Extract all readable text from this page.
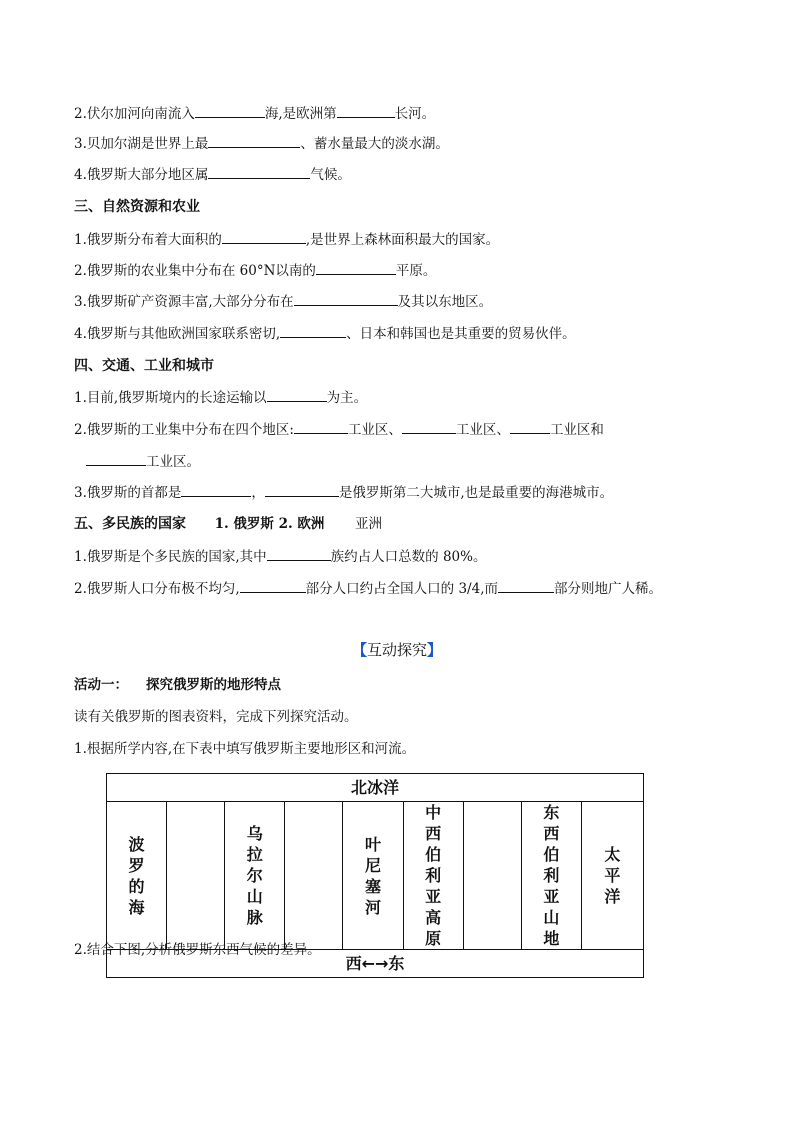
2.伏尔加河向南流入	海,是欧洲第	长河。
3.贝加尔湖是世界上最	、蓄水量最大的淡水湖。
4.俄罗斯大部分地区属	气候。
三、自然资源和农业
1.俄罗斯分布着大面积的	,是世界上森林面积最大的国家。
2.俄罗斯的农业集中分布在 60°N以南的	平原。
3.俄罗斯矿产资源丰富,大部分分布在	及其以东地区。
4.俄罗斯与其他欧洲国家联系密切,	、日本和韩国也是其重要的贸易伙伴。
四、交通、工业和城市
1.目前,俄罗斯境内的长途运输以	为主。
2.俄罗斯的工业集中分布在四个地区:	工业区、	工业区、	工业区和
工业区。
3.俄罗斯的首都是	，	是俄罗斯第二大城市,也是最重要的海港城市。
五、多民族的国家 1. 俄罗斯 2. 欧洲 亚洲
1.俄罗斯是个多民族的国家,其中	族约占人口总数的 80%。
2.俄罗斯人口分布极不均匀,	部分人口约占全国人口的 3/4,而	部分则地广人稀。
【互动探究】
活动一： 探究俄罗斯的地形特点
读有关俄罗斯的图表资料，完成下列探究活动。
1.根据所学内容,在下表中填写俄罗斯主要地形区和河流。
北冰洋
波罗的海		乌拉尔山脉		叶尼塞河	中西伯利亚高原		东西伯利亚山地	太平洋
西←→东
2.结合下图,分析俄罗斯东西气候的差异。
